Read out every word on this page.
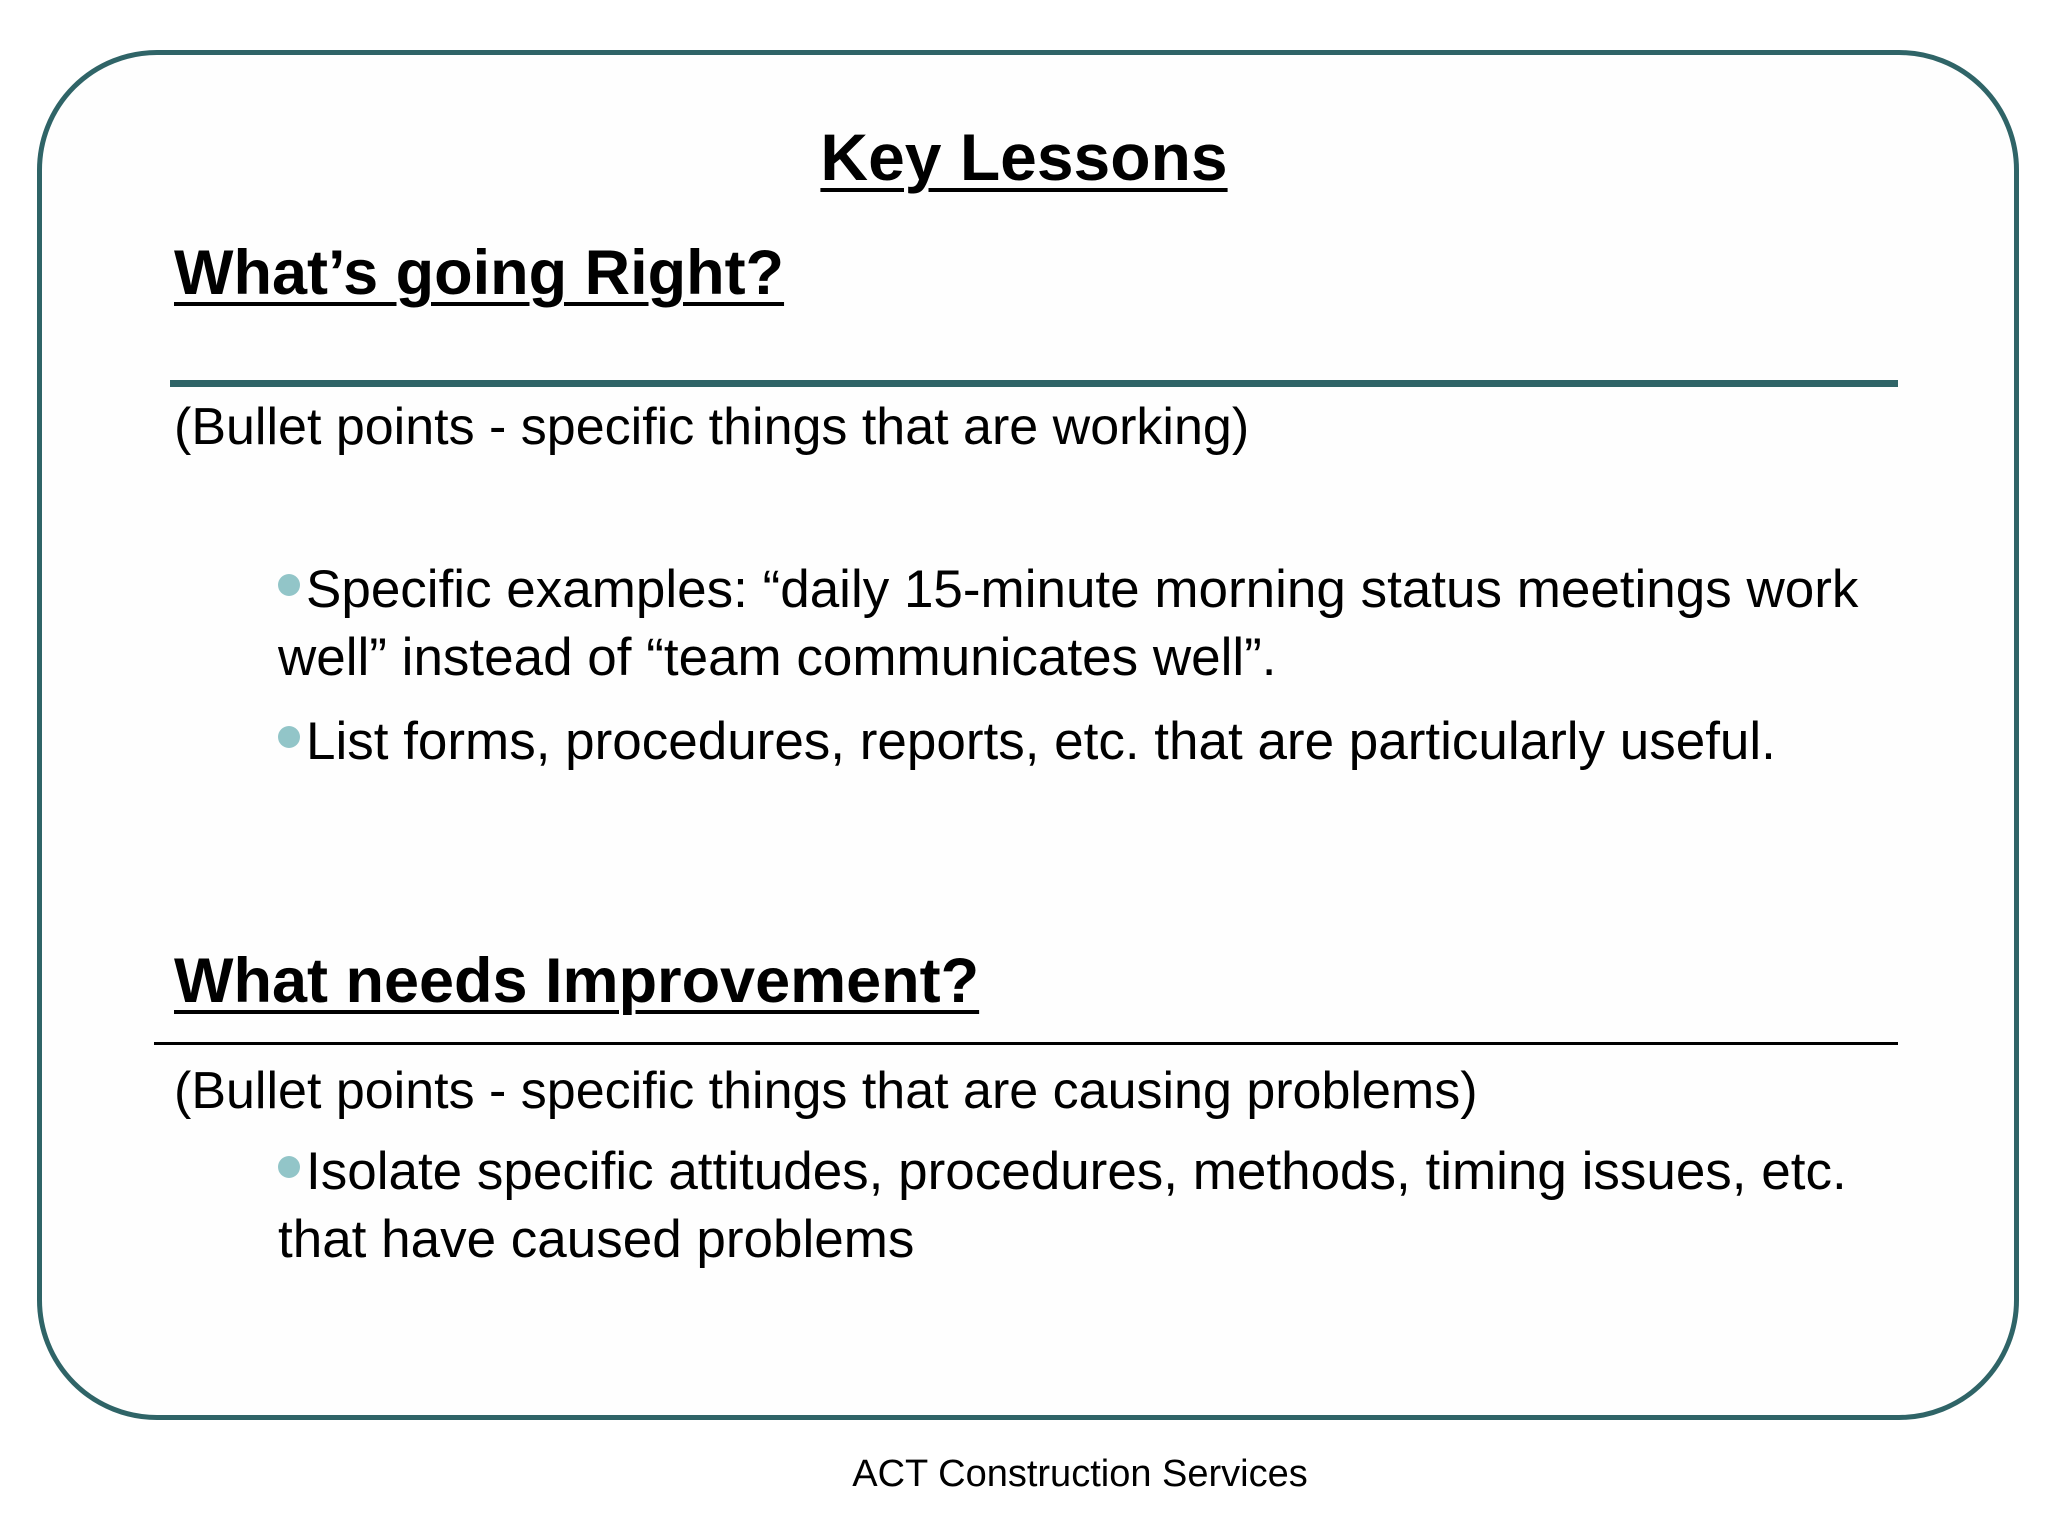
Key Lessons
What’s going Right?
(Bullet points - specific things that are working)
Specific examples: “daily 15-minute morning status meetings work well” instead of “team communicates well”.
List forms, procedures, reports, etc. that are particularly useful.
What needs Improvement?
(Bullet points - specific things that are causing problems)
Isolate specific attitudes, procedures, methods, timing issues, etc. that have caused problems
ACT Construction Services
